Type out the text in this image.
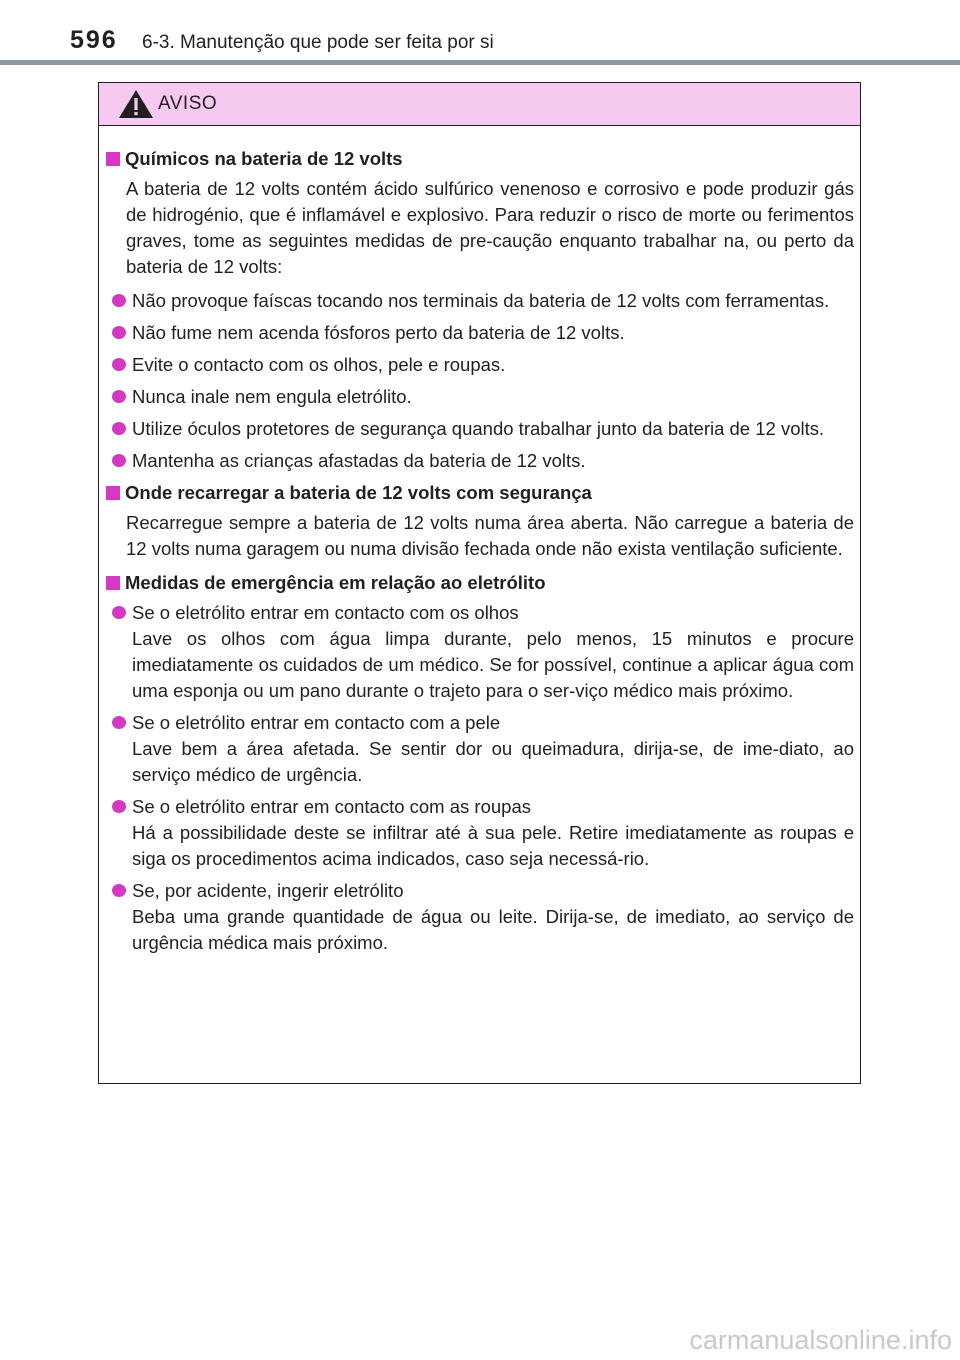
596 6-3. Manutenção que pode ser feita por si
AVISO
Químicos na bateria de 12 volts
A bateria de 12 volts contém ácido sulfúrico venenoso e corrosivo e pode produzir gás de hidrogénio, que é inflamável e explosivo. Para reduzir o risco de morte ou ferimentos graves, tome as seguintes medidas de pre-caução enquanto trabalhar na, ou perto da bateria de 12 volts:
Não provoque faíscas tocando nos terminais da bateria de 12 volts com ferramentas.
Não fume nem acenda fósforos perto da bateria de 12 volts.
Evite o contacto com os olhos, pele e roupas.
Nunca inale nem engula eletrólito.
Utilize óculos protetores de segurança quando trabalhar junto da bateria de 12 volts.
Mantenha as crianças afastadas da bateria de 12 volts.
Onde recarregar a bateria de 12 volts com segurança
Recarregue sempre a bateria de 12 volts numa área aberta. Não carregue a bateria de 12 volts numa garagem ou numa divisão fechada onde não exista ventilação suficiente.
Medidas de emergência em relação ao eletrólito
Se o eletrólito entrar em contacto com os olhos
Lave os olhos com água limpa durante, pelo menos, 15 minutos e procure imediatamente os cuidados de um médico. Se for possível, continue a aplicar água com uma esponja ou um pano durante o trajeto para o ser-viço médico mais próximo.
Se o eletrólito entrar em contacto com a pele
Lave bem a área afetada. Se sentir dor ou queimadura, dirija-se, de ime-diato, ao serviço médico de urgência.
Se o eletrólito entrar em contacto com as roupas
Há a possibilidade deste se infiltrar até à sua pele. Retire imediatamente as roupas e siga os procedimentos acima indicados, caso seja necessá-rio.
Se, por acidente, ingerir eletrólito
Beba uma grande quantidade de água ou leite. Dirija-se, de imediato, ao serviço de urgência médica mais próximo.
carmanualsonline.info
